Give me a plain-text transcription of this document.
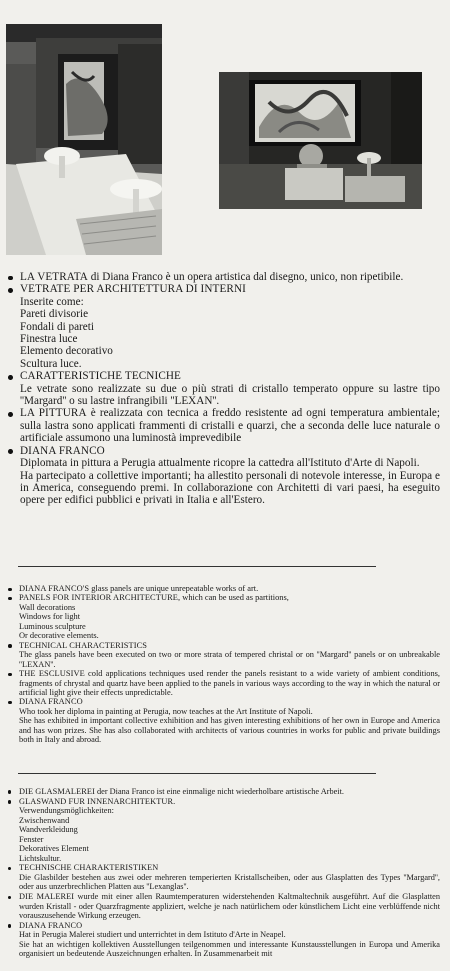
LA VETRATA di Diana Franco è un opera artistica dal disegno, unico, non ripetibile.
VETRATE PER ARCHITETTURA DI INTERNI
Inserite come:
Pareti divisorie
Fondali di pareti
Finestra luce
Elemento decorativo
Scultura luce.
CARATTERISTICHE TECNICHE
Le vetrate sono realizzate su due o più strati di cristallo temperato oppure su lastre tipo ''Margard'' o su lastre infrangibili ''LEXAN''.
LA PITTURA è realizzata con tecnica a freddo resistente ad ogni temperatura ambientale; sulla lastra sono applicati frammenti di cristalli e quarzi, che a seconda delle luce naturale o artificiale assumono una luminostà imprevedibile
DIANA FRANCO
Diplomata in pittura a Perugia attualmente ricopre la cattedra all'Istituto d'Arte di Napoli.
Ha partecipato a collettive importanti; ha allestito personali di notevole interesse, in Europa e in America, conseguendo premi. In collaborazione con Architetti di vari paesi, ha eseguito opere per edifici pubblici e privati in Italia e all'Estero.
DIANA FRANCO'S glass panels are unique unrepeatable works of art.
PANELS FOR INTERIOR ARCHITECTURE, which can be used as partitions,
Wall decorations
Windows for light
Luminous sculpture
Or decorative elements.
TECHNICAL CHARACTERISTICS
The glass panels have been executed on two or more strata of tempered christal or on ''Margard'' panels or on unbreakable ''LEXAN''.
THE ESCLUSIVE cold applications techniques used render the panels resistant to a wide variety of ambient conditions, fragments of chrystal and quartz have been applied to the panels in various ways according to the way in which the natural or artificial light give their effects unpredictable.
DIANA FRANCO
Who took her diploma in painting at Perugia, now teaches at the Art Institute of Napoli.
She has exhibited in important collective exhibition and has given interesting exhibitions of her own in Europe and America and has won prizes. She has also collaborated with architects of various countries in works for public and private buildings both in Italy and abroad.
DIE GLASMALEREI der Diana Franco ist eine einmalige nicht wiederholbare artistische Arbeit.
GLASWAND FUR INNENARCHITEKTUR.
Verwendungsmöglichkeiten:
Zwischenwand
Wandverkleidung
Fenster
Dekoratives Element
Lichtskultur.
TECHNISCHE CHARAKTERISTIKEN
Die Glasbilder bestehen aus zwei oder mehreren temperierten Kristallscheiben, oder aus Glasplatten des Types ''Margard'', oder aus unzerbrechlichen Platten aus ''Lexanglas''.
DIE MALEREI wurde mit einer allen Raumtemperaturen widerstehenden Kaltmaltechnik ausgeführt. Auf die Glasplatten wurden Kristall - oder Quarzfragmente appliziert, welche je nach natürlichem oder künstlichem Licht eine verblüffende nicht vorauszusehende Wirkung erzeugen.
DIANA FRANCO
Hat in Perugia Malerei studiert und unterrichtet in dem Istituto d'Arte in Neapel.
Sie hat an wichtigen kollektiven Ausstellungen teilgenommen und interessante Kunstausstellungen in Europa und Amerika organisiert un bedeutende Auszeichnungen erhalten. In Zusammenarbeit mit
